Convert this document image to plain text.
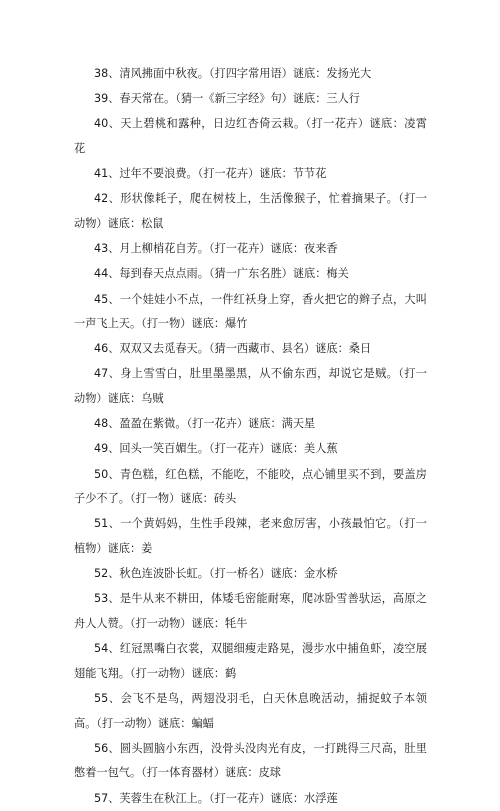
38、清风拂面中秋夜。（打四字常用语）谜底：发扬光大

39、春天常在。（猜一《新三字经》句）谜底：三人行

40、天上碧桃和露种，日边红杏倚云栽。（打一花卉）谜底：凌霄花

41、过年不要浪费。（打一花卉）谜底：节节花

42、形状像耗子，爬在树枝上，生活像猴子，忙着摘果子。（打一动物）谜底：松鼠

43、月上柳梢花自芳。（打一花卉）谜底：夜来香

44、每到春天点点雨。（猜一广东名胜）谜底：梅关

45、一个娃娃小不点，一件红袄身上穿，香火把它的辫子点，大叫一声飞上天。（打一物）谜底：爆竹

46、双双又去觅春天。（猜一西藏市、县名）谜底：桑日

47、身上雪雪白，肚里墨墨黑，从不偷东西，却说它是贼。（打一动物）谜底：乌贼

48、盈盈在紫微。（打一花卉）谜底：满天星

49、回头一笑百媚生。（打一花卉）谜底：美人蕉

50、青色糕，红色糕，不能吃，不能咬，点心铺里买不到，要盖房子少不了。（打一物）谜底：砖头

51、一个黄妈妈，生性手段辣，老来愈厉害，小孩最怕它。（打一植物）谜底：姜

52、秋色连波卧长虹。（打一桥名）谜底：金水桥

53、是牛从来不耕田，体矮毛密能耐寒，爬冰卧雪善驮运，高原之舟人人赞。（打一动物）谜底：牦牛

54、红冠黑嘴白衣裳，双腿细瘦走路晃，漫步水中捕鱼虾，凌空展翅能飞翔。（打一动物）谜底：鹤

55、会飞不是鸟，两翅没羽毛，白天休息晚活动，捕捉蚊子本领高。（打一动物）谜底：蝙蝠

56、圆头圆脑小东西，没骨头没肉光有皮，一打跳得三尺高，肚里憋着一包气。（打一体育器材）谜底：皮球

57、芙蓉生在秋江上。（打一花卉）谜底：水浮莲
